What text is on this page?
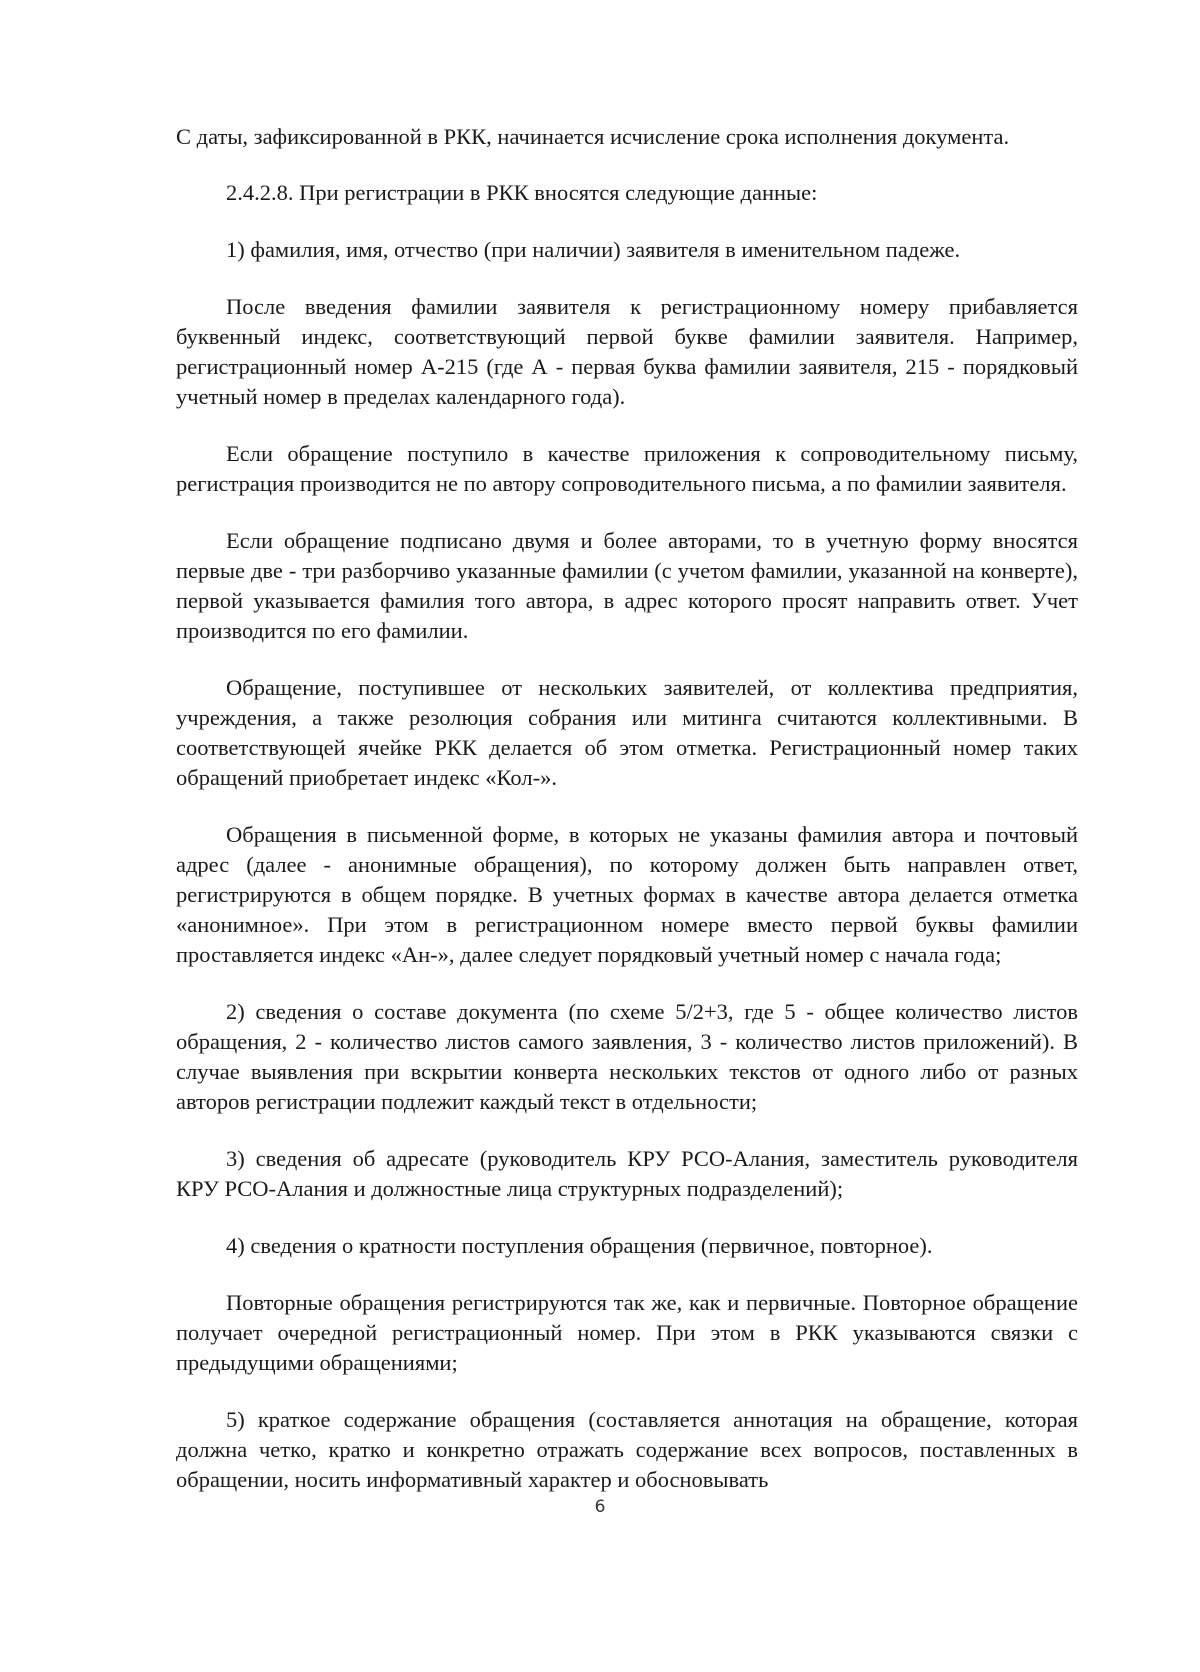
С даты, зафиксированной в РКК, начинается исчисление срока исполнения документа.

2.4.2.8. При регистрации в РКК вносятся следующие данные:

1) фамилия, имя, отчество (при наличии) заявителя в именительном падеже.

После введения фамилии заявителя к регистрационному номеру прибавляется буквенный индекс, соответствующий первой букве фамилии заявителя. Например, регистрационный номер А-215 (где А - первая буква фамилии заявителя, 215 - порядковый учетный номер в пределах календарного года).

Если обращение поступило в качестве приложения к сопроводительному письму, регистрация производится не по автору сопроводительного письма, а по фамилии заявителя.

Если обращение подписано двумя и более авторами, то в учетную форму вносятся первые две - три разборчиво указанные фамилии (с учетом фамилии, указанной на конверте), первой указывается фамилия того автора, в адрес которого просят направить ответ. Учет производится по его фамилии.

Обращение, поступившее от нескольких заявителей, от коллектива предприятия, учреждения, а также резолюция собрания или митинга считаются коллективными. В соответствующей ячейке РКК делается об этом отметка. Регистрационный номер таких обращений приобретает индекс «Кол-».

Обращения в письменной форме, в которых не указаны фамилия автора и почтовый адрес (далее - анонимные обращения), по которому должен быть направлен ответ, регистрируются в общем порядке. В учетных формах в качестве автора делается отметка «анонимное». При этом в регистрационном номере вместо первой буквы фамилии проставляется индекс «Ан-», далее следует порядковый учетный номер с начала года;

2) сведения о составе документа (по схеме 5/2+3, где 5 - общее количество листов обращения, 2 - количество листов самого заявления, 3 - количество листов приложений). В случае выявления при вскрытии конверта нескольких текстов от одного либо от разных авторов регистрации подлежит каждый текст в отдельности;

3) сведения об адресате (руководитель КРУ РСО-Алания, заместитель руководителя КРУ РСО-Алания и должностные лица структурных подразделений);

4) сведения о кратности поступления обращения (первичное, повторное).

Повторные обращения регистрируются так же, как и первичные. Повторное обращение получает очередной регистрационный номер. При этом в РКК указываются связки с предыдущими обращениями;

5) краткое содержание обращения (составляется аннотация на обращение, которая должна четко, кратко и конкретно отражать содержание всех вопросов, поставленных в обращении, носить информативный характер и обосновывать

6
